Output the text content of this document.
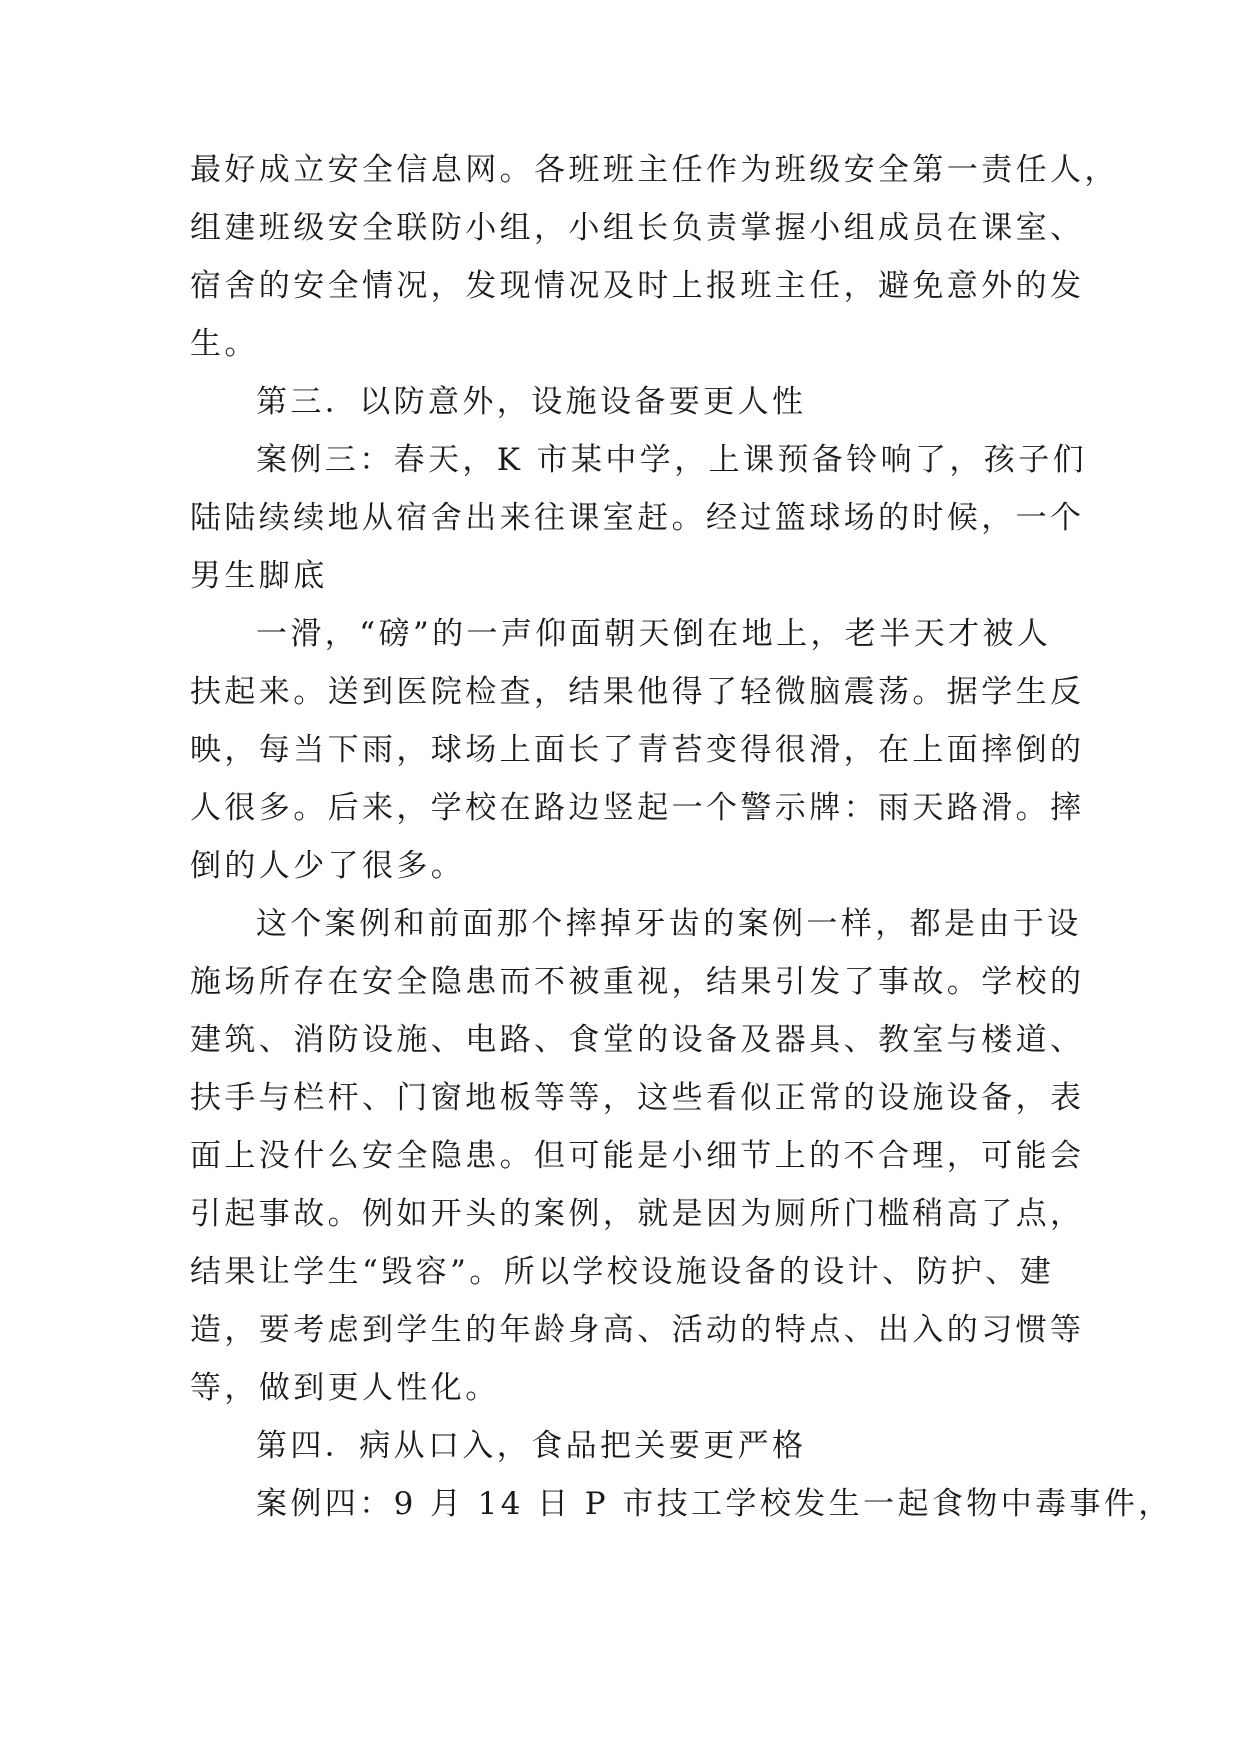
最好成立安全信息网。各班班主任作为班级安全第一责任人，
组建班级安全联防小组，小组长负责掌握小组成员在课室、
宿舍的安全情况，发现情况及时上报班主任，避免意外的发
生。
第三．以防意外，设施设备要更人性
案例三：春天，K 市某中学，上课预备铃响了，孩子们
陆陆续续地从宿舍出来往课室赶。经过篮球场的时候，一个
男生脚底
一滑，“磅”的一声仰面朝天倒在地上，老半天才被人
扶起来。送到医院检查，结果他得了轻微脑震荡。据学生反
映，每当下雨，球场上面长了青苔变得很滑，在上面摔倒的
人很多。后来，学校在路边竖起一个警示牌：雨天路滑。摔
倒的人少了很多。
这个案例和前面那个摔掉牙齿的案例一样，都是由于设
施场所存在安全隐患而不被重视，结果引发了事故。学校的
建筑、消防设施、电路、食堂的设备及器具、教室与楼道、
扶手与栏杆、门窗地板等等，这些看似正常的设施设备，表
面上没什么安全隐患。但可能是小细节上的不合理，可能会
引起事故。例如开头的案例，就是因为厕所门槛稍高了点，
结果让学生“毁容”。所以学校设施设备的设计、防护、建
造，要考虑到学生的年龄身高、活动的特点、出入的习惯等
等，做到更人性化。
第四．病从口入，食品把关要更严格
案例四：9 月 14 日 P 市技工学校发生一起食物中毒事件，
